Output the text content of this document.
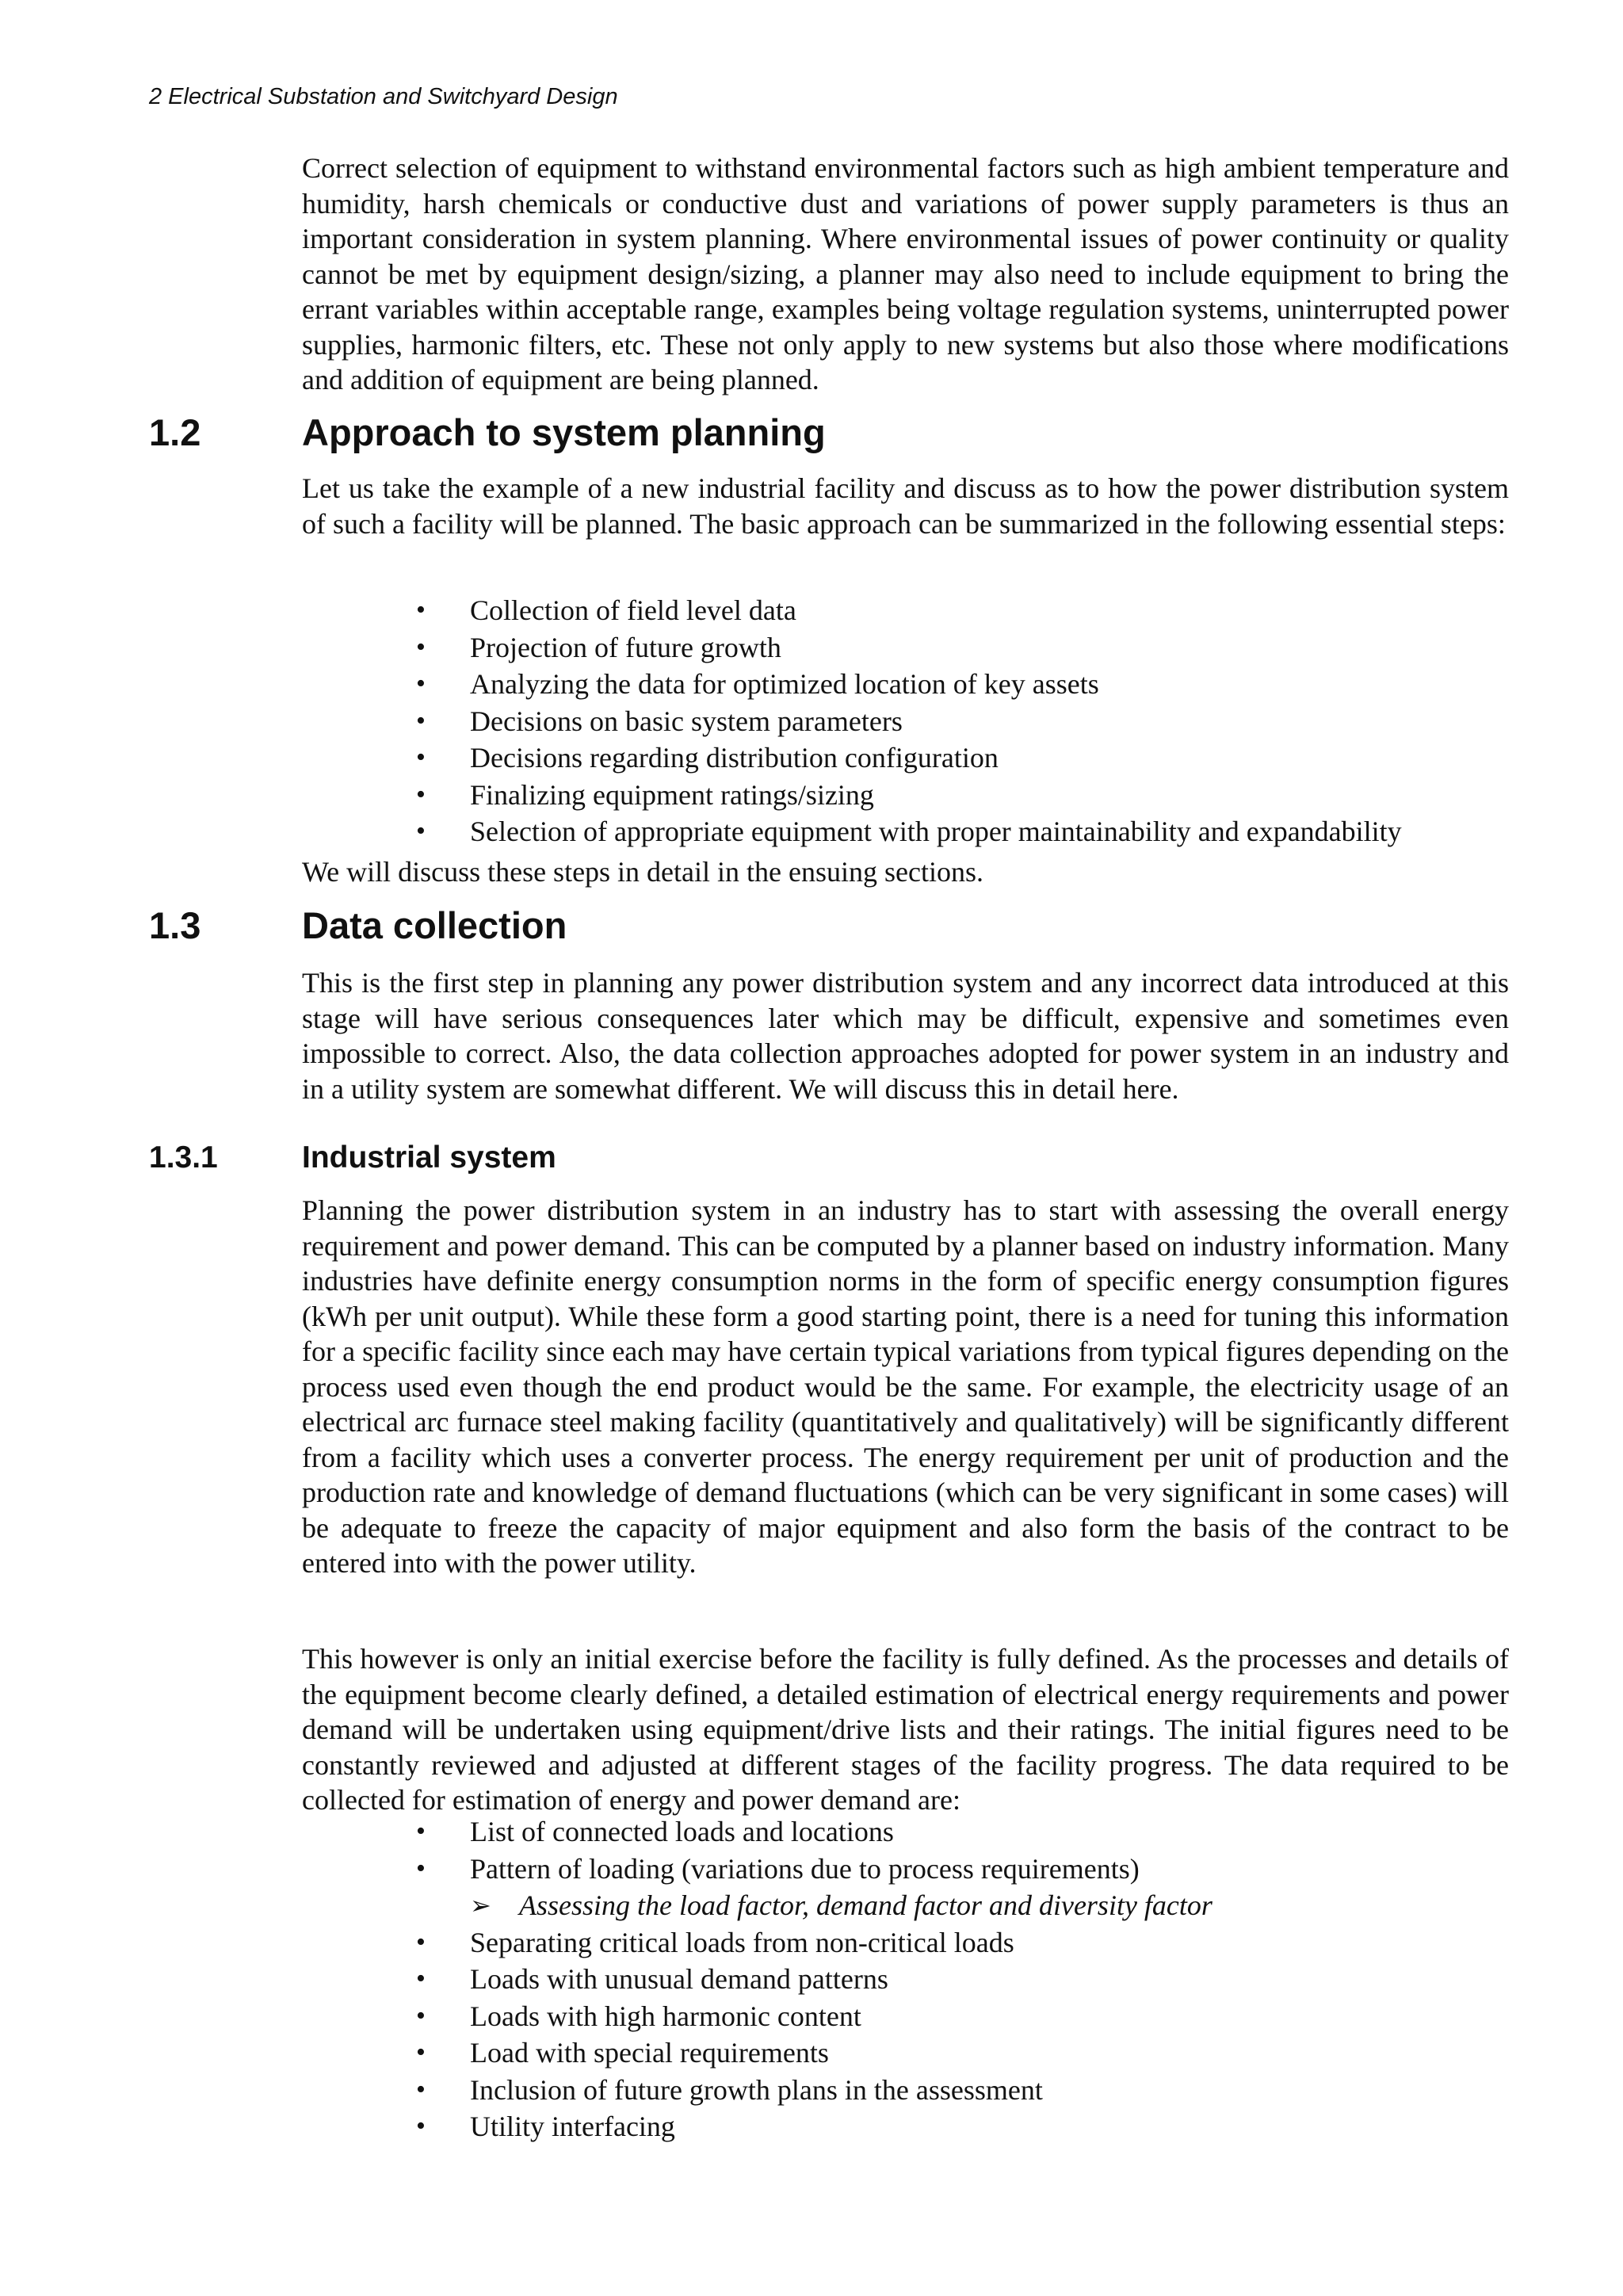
2 Electrical Substation and Switchyard Design

Correct selection of equipment to withstand environmental factors such as high ambient temperature and humidity, harsh chemicals or conductive dust and variations of power supply parameters is thus an important consideration in system planning. Where environmental issues of power continuity or quality cannot be met by equipment design/sizing, a planner may also need to include equipment to bring the errant variables within acceptable range, examples being voltage regulation systems, uninterrupted power supplies, harmonic filters, etc. These not only apply to new systems but also those where modifications and addition of equipment are being planned.

1.2	Approach to system planning

Let us take the example of a new industrial facility and discuss as to how the power distribution system of such a facility will be planned. The basic approach can be summarized in the following essential steps:

• Collection of field level data
• Projection of future growth
• Analyzing the data for optimized location of key assets
• Decisions on basic system parameters
• Decisions regarding distribution configuration
• Finalizing equipment ratings/sizing
• Selection of appropriate equipment with proper maintainability and expandability
We will discuss these steps in detail in the ensuing sections.
1.3	Data collection

This is the first step in planning any power distribution system and any incorrect data introduced at this stage will have serious consequences later which may be difficult, expensive and sometimes even impossible to correct. Also, the data collection approaches adopted for power system in an industry and in a utility system are somewhat different. We will discuss this in detail here.

1.3.1	Industrial system

Planning the power distribution system in an industry has to start with assessing the overall energy requirement and power demand. This can be computed by a planner based on industry information. Many industries have definite energy consumption norms in the form of specific energy consumption figures (kWh per unit output). While these form a good starting point, there is a need for tuning this information for a specific facility since each may have certain typical variations from typical figures depending on the process used even though the end product would be the same. For example, the electricity usage of an electrical arc furnace steel making facility (quantitatively and qualitatively) will be significantly different from a facility which uses a converter process. The energy requirement per unit of production and the production rate and knowledge of demand fluctuations (which can be very significant in some cases) will be adequate to freeze the capacity of major equipment and also form the basis of the contract to be entered into with the power utility.

This however is only an initial exercise before the facility is fully defined. As the processes and details of the equipment become clearly defined, a detailed estimation of electrical energy requirements and power demand will be undertaken using equipment/drive lists and their ratings. The initial figures need to be constantly reviewed and adjusted at different stages of the facility progress. The data required to be collected for estimation of energy and power demand are:

• List of connected loads and locations
• Pattern of loading (variations due to process requirements)
➢ Assessing the load factor, demand factor and diversity factor
• Separating critical loads from non-critical loads
• Loads with unusual demand patterns
• Loads with high harmonic content
• Load with special requirements
• Inclusion of future growth plans in the assessment
• Utility interfacing
